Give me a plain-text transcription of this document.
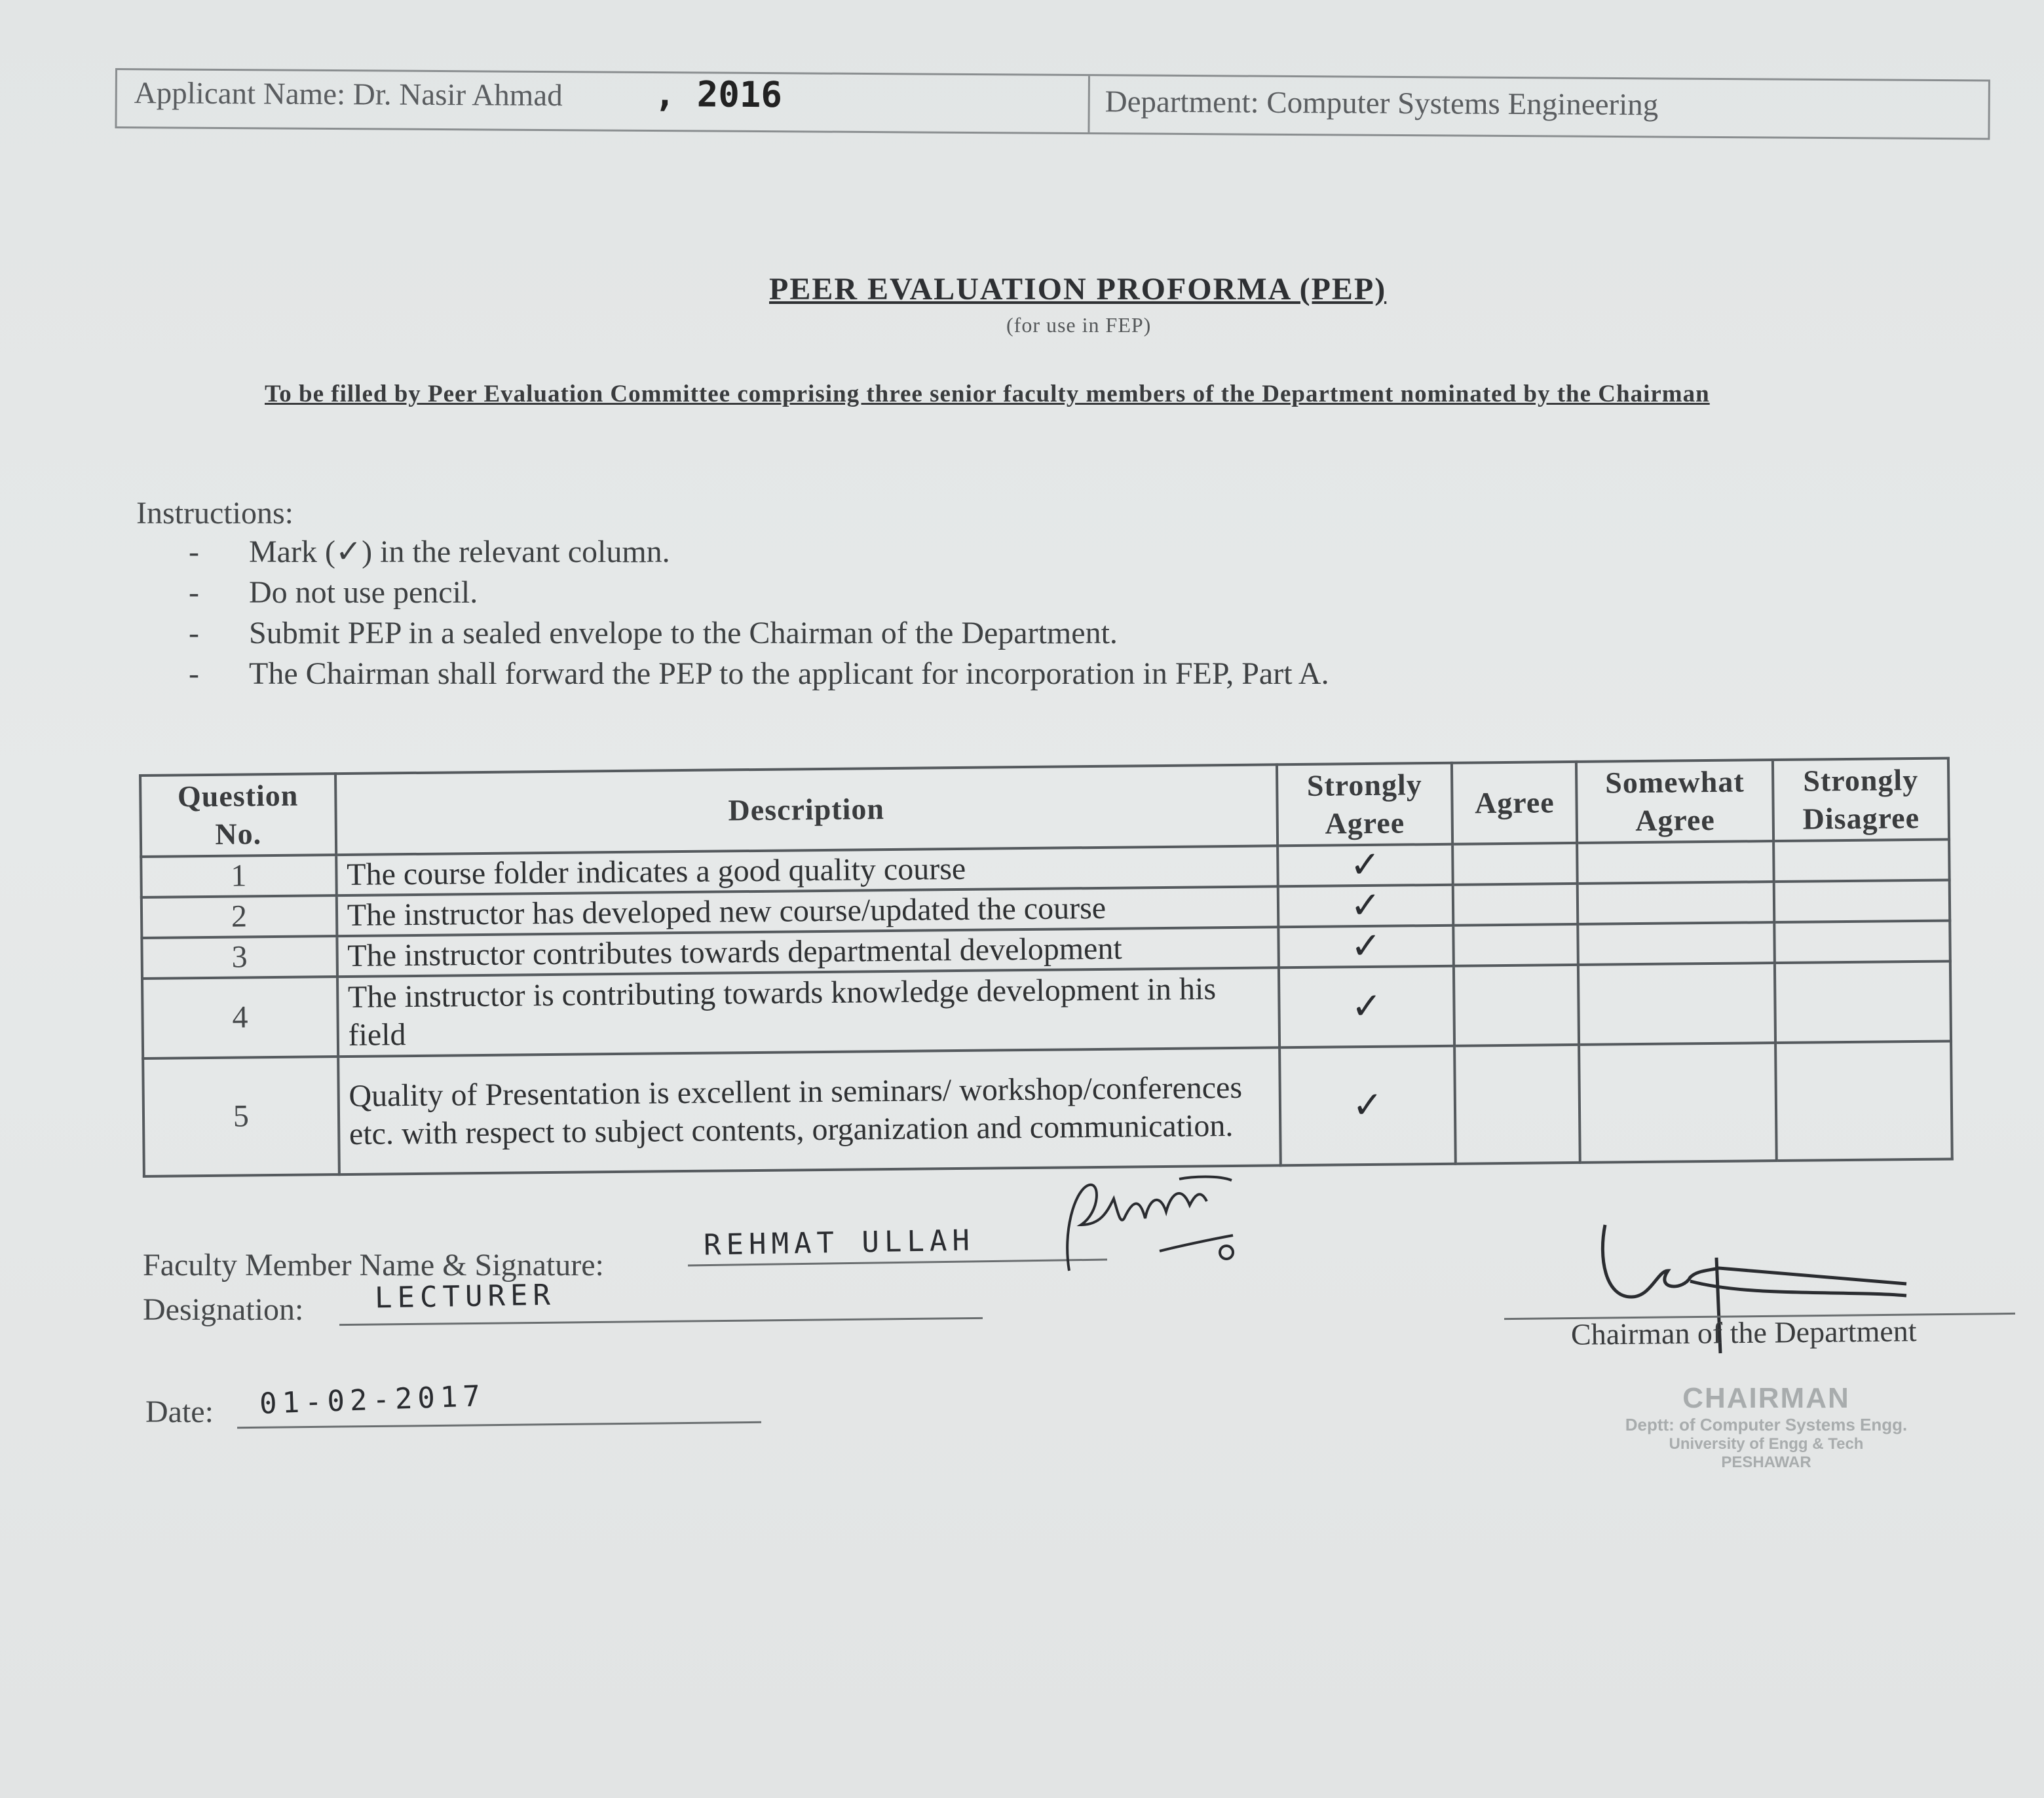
Applicant Name: Dr. Nasir Ahmad	, 2016	Department: Computer Systems Engineering
PEER EVALUATION PROFORMA (PEP)
(for use in FEP)
To be filled by Peer Evaluation Committee comprising three senior faculty members of the Department nominated by the Chairman
Instructions:
- Mark (✓) in the relevant column.
- Do not use pencil.
- Submit PEP in a sealed envelope to the Chairman of the Department.
- The Chairman shall forward the PEP to the applicant for incorporation in FEP, Part A.
Question No.	Description	Strongly Agree	Agree	Somewhat Agree	Strongly Disagree
1	The course folder indicates a good quality course	✓			
2	The instructor has developed new course/updated the course	✓			
3	The instructor contributes towards departmental development	✓			
4	The instructor is contributing towards knowledge development in his field	✓			
5	Quality of Presentation is excellent in seminars/ workshop/conferences etc. with respect to subject contents, organization and communication.	✓			
Faculty Member Name & Signature:
REHMAT ULLAH
Designation: LECTURER
Date: 01-02-2017
Chairman of the Department
CHAIRMAN
Deptt: of Computer Systems Engg.
University of Engg & Tech
PESHAWAR
